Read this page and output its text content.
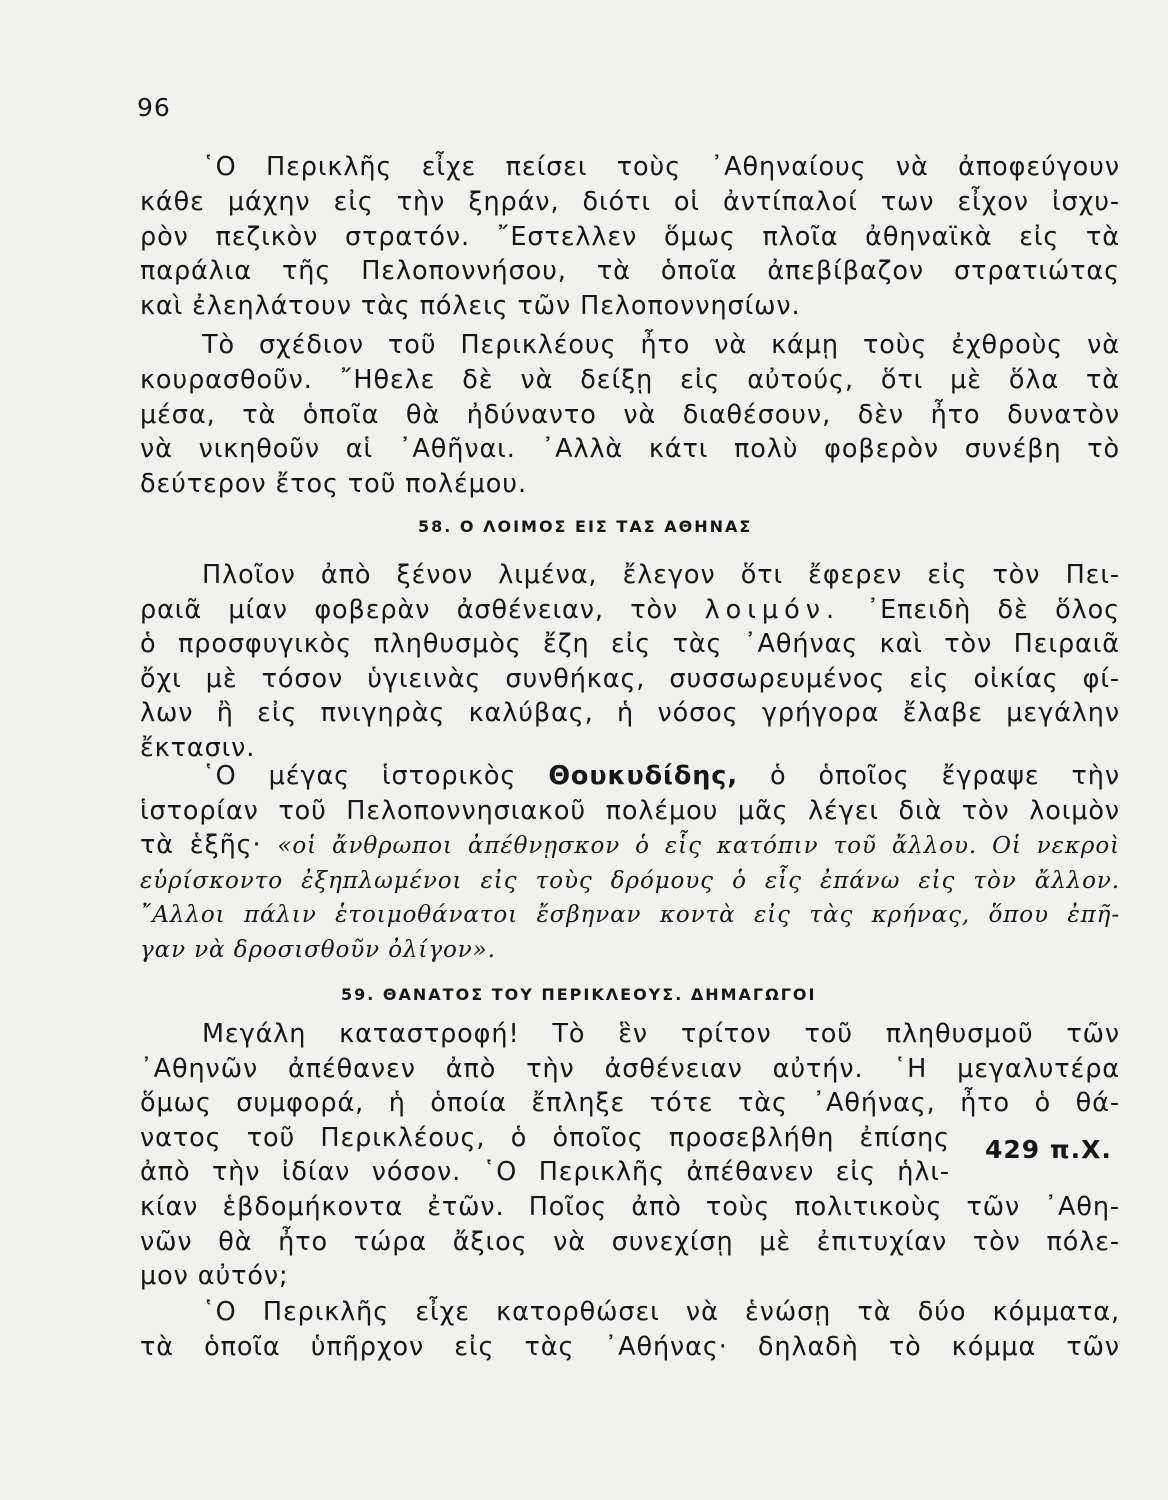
96
῾Ο Περικλῆς εἶχε πείσει τοὺς ᾿Αθηναίους νὰ ἀποφεύγουν
κάθε μάχην εἰς τὴν ξηράν, διότι οἱ ἀντίπαλοί των εἶχον ἰσχυ-
ρὸν πεζικὸν στρατόν. ῎Εστελλεν ὅμως πλοῖα ἀθηναϊκὰ εἰς τὰ
παράλια τῆς Πελοποννήσου, τὰ ὁποῖα ἀπεβίβαζον στρατιώτας
καὶ ἐλεηλάτουν τὰς πόλεις τῶν Πελοποννησίων.
Τὸ σχέδιον τοῦ Περικλέους ἦτο νὰ κάμῃ τοὺς ἐχθροὺς νὰ
κουρασθοῦν. ῎Ηθελε δὲ νὰ δείξῃ εἰς αὐτούς, ὅτι μὲ ὅλα τὰ
μέσα, τὰ ὁποῖα θὰ ἠδύναντο νὰ διαθέσουν, δὲν ἦτο δυνατὸν
νὰ νικηθοῦν αἱ ᾿Αθῆναι. ᾿Αλλὰ κάτι πολὺ φοβερὸν συνέβη τὸ
δεύτερον ἔτος τοῦ πολέμου.
58. Ο ΛΟΙΜΟΣ ΕΙΣ ΤΑΣ ΑΘΗΝΑΣ
Πλοῖον ἀπὸ ξένον λιμένα, ἔλεγον ὅτι ἔφερεν εἰς τὸν Πει-
ραιᾶ μίαν φοβερὰν ἀσθένειαν, τὸν λοιμόν. ᾿Επειδὴ δὲ ὅλος
ὁ προσφυγικὸς πληθυσμὸς ἔζη εἰς τὰς ᾿Αθήνας καὶ τὸν Πειραιᾶ
ὄχι μὲ τόσον ὑγιεινὰς συνθήκας, συσσωρευμένος εἰς οἰκίας φί-
λων ἢ εἰς πνιγηρὰς καλύβας, ἡ νόσος γρήγορα ἔλαβε μεγάλην
ἔκτασιν.
῾Ο μέγας ἱστορικὸς Θουκυδίδης, ὁ ὁποῖος ἔγραψε τὴν
ἱστορίαν τοῦ Πελοποννησιακοῦ πολέμου μᾶς λέγει διὰ τὸν λοιμὸν
τὰ ἑξῆς· «οἱ ἄνθρωποι ἀπέθνῃσκον ὁ εἷς κατόπιν τοῦ ἄλλου. Οἱ νεκροὶ
εὑρίσκοντο ἐξηπλωμένοι εἰς τοὺς δρόμους ὁ εἷς ἐπάνω εἰς τὸν ἄλλον.
῎Αλλοι πάλιν ἑτοιμοθάνατοι ἔσβηναν κοντὰ εἰς τὰς κρήνας, ὅπου ἐπῆ-
γαν νὰ δροσισθοῦν ὀλίγον».
59. ΘΑΝΑΤΟΣ ΤΟΥ ΠΕΡΙΚΛΕΟΥΣ. ΔΗΜΑΓΩΓΟΙ
Μεγάλη καταστροφή! Τὸ ἓν τρίτον τοῦ πληθυσμοῦ τῶν
᾿Αθηνῶν ἀπέθανεν ἀπὸ τὴν ἀσθένειαν αὐτήν. ῾Η μεγαλυτέρα
ὅμως συμφορά, ἡ ὁποία ἔπληξε τότε τὰς ᾿Αθήνας, ἦτο ὁ θά-
νατος τοῦ Περικλέους, ὁ ὁποῖος προσεβλήθη ἐπίσης
ἀπὸ τὴν ἰδίαν νόσον. ῾Ο Περικλῆς ἀπέθανεν εἰς ἡλι-
κίαν ἑβδομήκοντα ἐτῶν. Ποῖος ἀπὸ τοὺς πολιτικοὺς τῶν ᾿Αθη-
νῶν θὰ ἦτο τώρα ἄξιος νὰ συνεχίσῃ μὲ ἐπιτυχίαν τὸν πόλε-
μον αὐτόν;
429 π.Χ.
῾Ο Περικλῆς εἶχε κατορθώσει νὰ ἑνώσῃ τὰ δύο κόμματα,
τὰ ὁποῖα ὑπῆρχον εἰς τὰς ᾿Αθήνας· δηλαδὴ τὸ κόμμα τῶν
